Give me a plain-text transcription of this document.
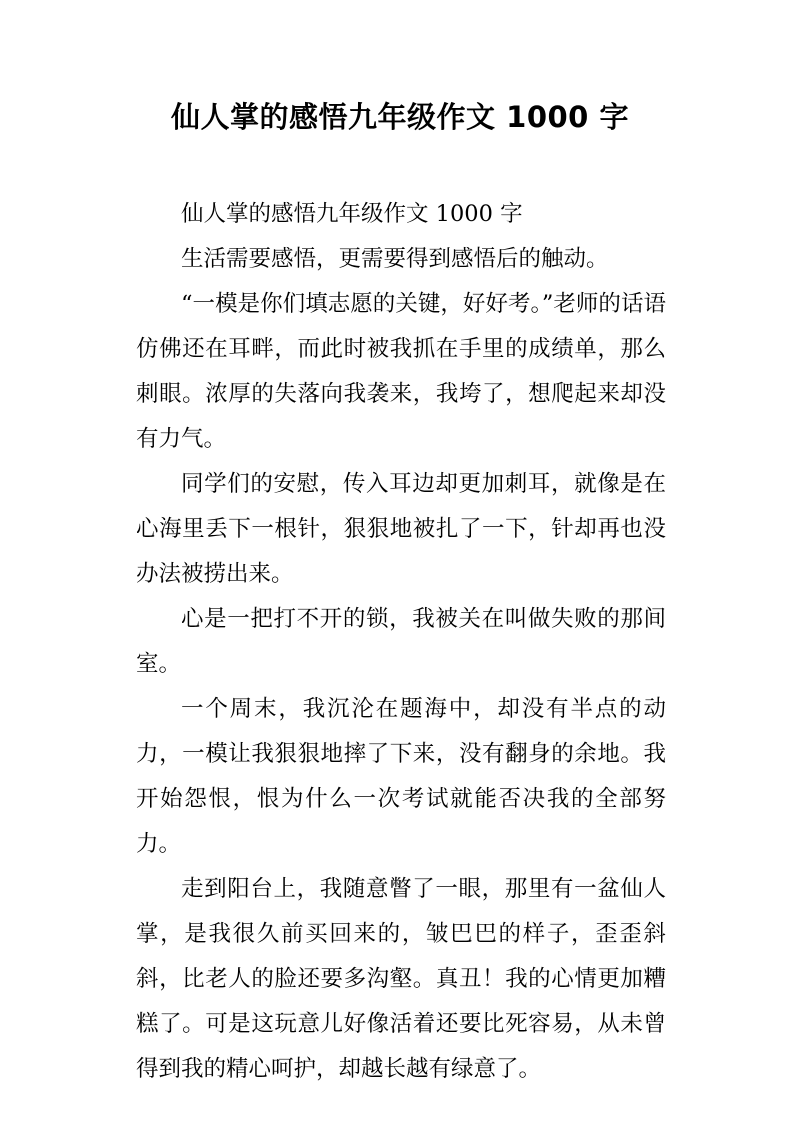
仙人掌的感悟九年级作文 1000 字

仙人掌的感悟九年级作文 1000 字

生活需要感悟，更需要得到感悟后的触动。

“一模是你们填志愿的关键，好好考。”老师的话语仿佛还在耳畔，而此时被我抓在手里的成绩单，那么刺眼。浓厚的失落向我袭来，我垮了，想爬起来却没有力气。

同学们的安慰，传入耳边却更加刺耳，就像是在心海里丢下一根针，狠狠地被扎了一下，针却再也没办法被捞出来。

心是一把打不开的锁，我被关在叫做失败的那间室。

一个周末，我沉沦在题海中，却没有半点的动力，一模让我狠狠地摔了下来，没有翻身的余地。我开始怨恨，恨为什么一次考试就能否决我的全部努力。

走到阳台上，我随意瞥了一眼，那里有一盆仙人掌，是我很久前买回来的，皱巴巴的样子，歪歪斜斜，比老人的脸还要多沟壑。真丑！我的心情更加糟糕了。可是这玩意儿好像活着还要比死容易，从未曾得到我的精心呵护，却越长越有绿意了。
